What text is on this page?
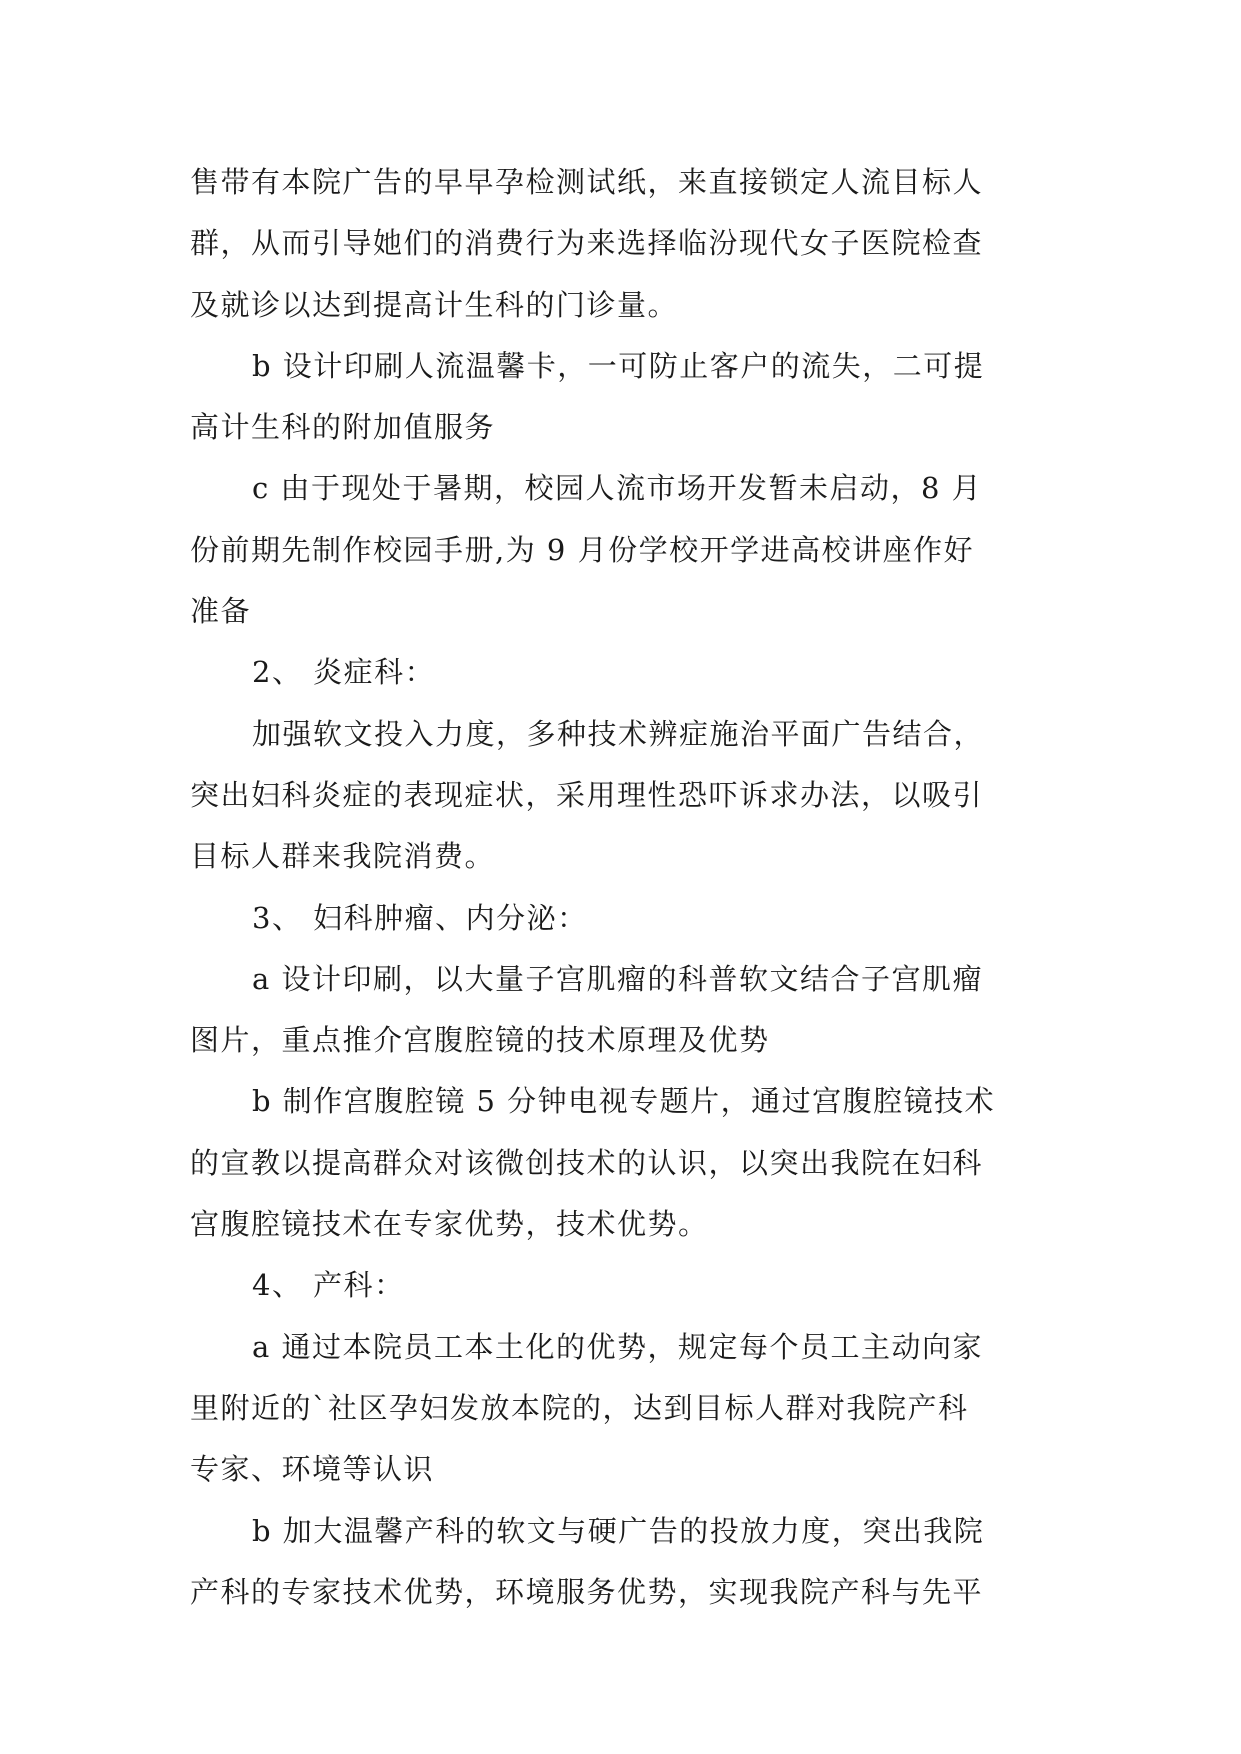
售带有本院广告的早早孕检测试纸，来直接锁定人流目标人
群，从而引导她们的消费行为来选择临汾现代女子医院检查
及就诊以达到提高计生科的门诊量。
b 设计印刷人流温馨卡，一可防止客户的流失，二可提
高计生科的附加值服务
c 由于现处于暑期，校园人流市场开发暂未启动，8 月
份前期先制作校园手册,为 9 月份学校开学进高校讲座作好
准备
2、 炎症科：
加强软文投入力度，多种技术辨症施治平面广告结合，
突出妇科炎症的表现症状，采用理性恐吓诉求办法，以吸引
目标人群来我院消费。
3、 妇科肿瘤、内分泌：
a 设计印刷，以大量子宫肌瘤的科普软文结合子宫肌瘤
图片，重点推介宫腹腔镜的技术原理及优势
b 制作宫腹腔镜 5 分钟电视专题片，通过宫腹腔镜技术
的宣教以提高群众对该微创技术的认识，以突出我院在妇科
宫腹腔镜技术在专家优势，技术优势。
4、 产科：
a 通过本院员工本土化的优势，规定每个员工主动向家
里附近的`社区孕妇发放本院的，达到目标人群对我院产科
专家、环境等认识
b 加大温馨产科的软文与硬广告的投放力度，突出我院
产科的专家技术优势，环境服务优势，实现我院产科与先平
